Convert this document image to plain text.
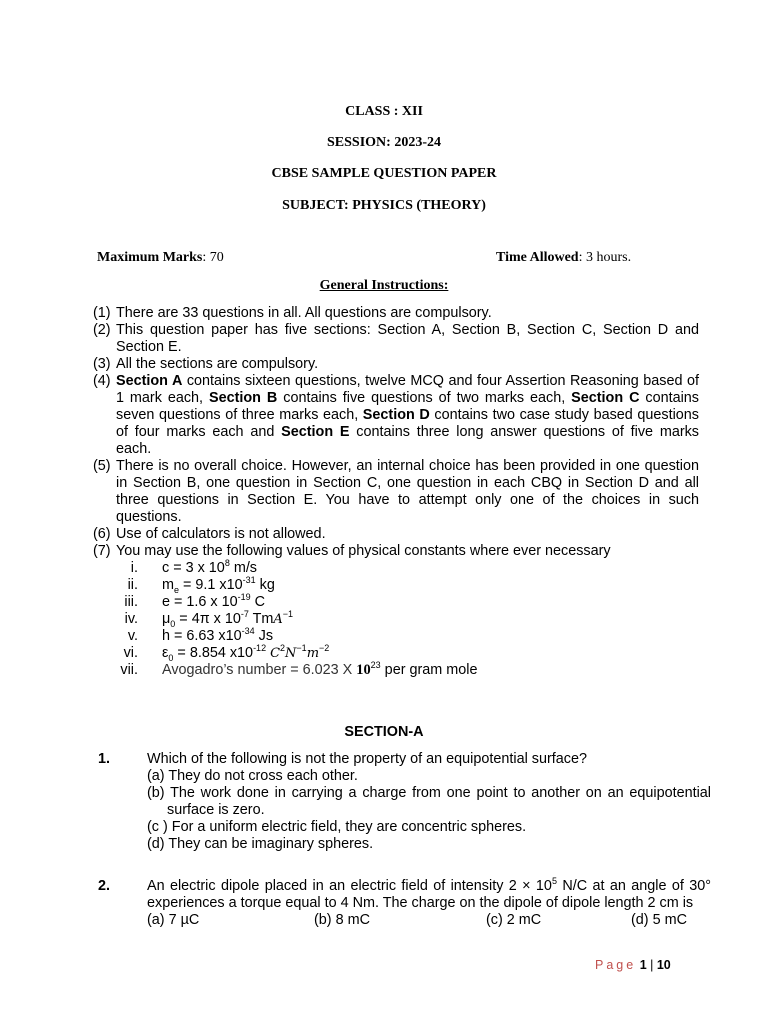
CLASS : XII
SESSION: 2023-24
CBSE SAMPLE QUESTION PAPER
SUBJECT: PHYSICS (THEORY)
Maximum Marks: 70	Time Allowed: 3 hours.
General Instructions:
(1) There are 33 questions in all. All questions are compulsory.
(2) This question paper has five sections: Section A, Section B, Section C, Section D and Section E.
(3) All the sections are compulsory.
(4) Section A contains sixteen questions, twelve MCQ and four Assertion Reasoning based of 1 mark each, Section B contains five questions of two marks each, Section C contains seven questions of three marks each, Section D contains two case study based questions of four marks each and Section E contains three long answer questions of five marks each.
(5) There is no overall choice. However, an internal choice has been provided in one question in Section B, one question in Section C, one question in each CBQ in Section D and all three questions in Section E. You have to attempt only one of the choices in such questions.
(6) Use of calculators is not allowed.
(7) You may use the following values of physical constants where ever necessary
i. c = 3 x $10^8$ m/s
ii. $m_e = 9.1$ $x10^{-31}$ kg
iii. e = 1.6 x $10^{-19}$ C
iv. $\mu_0 = 4\pi$ x $10^{-7}$ TmA$^{-1}$
v. h = 6.63 $x10^{-34}$ Js
vi. $\varepsilon_0 = 8.854$ $x10^{-12}$ $C^2N^{-1}m^{-2}$
vii. Avogadro’s number = 6.023 X $10^{23}$ per gram mole
SECTION-A
1.	Which of the following is not the property of an equipotential surface?
(a) They do not cross each other.
(b) The work done in carrying a charge from one point to another on an equipotential surface is zero.
(c ) For a uniform electric field, they are concentric spheres.
(d) They can be imaginary spheres.
2.	An electric dipole placed in an electric field of intensity $2 \times 10^5$ N/C at an angle of 30° experiences a torque equal to 4 Nm. The charge on the dipole of dipole length 2 cm is
(a) 7 µC	(b) 8 mC	(c) 2 mC	(d) 5 mC
Page 1 | 10
